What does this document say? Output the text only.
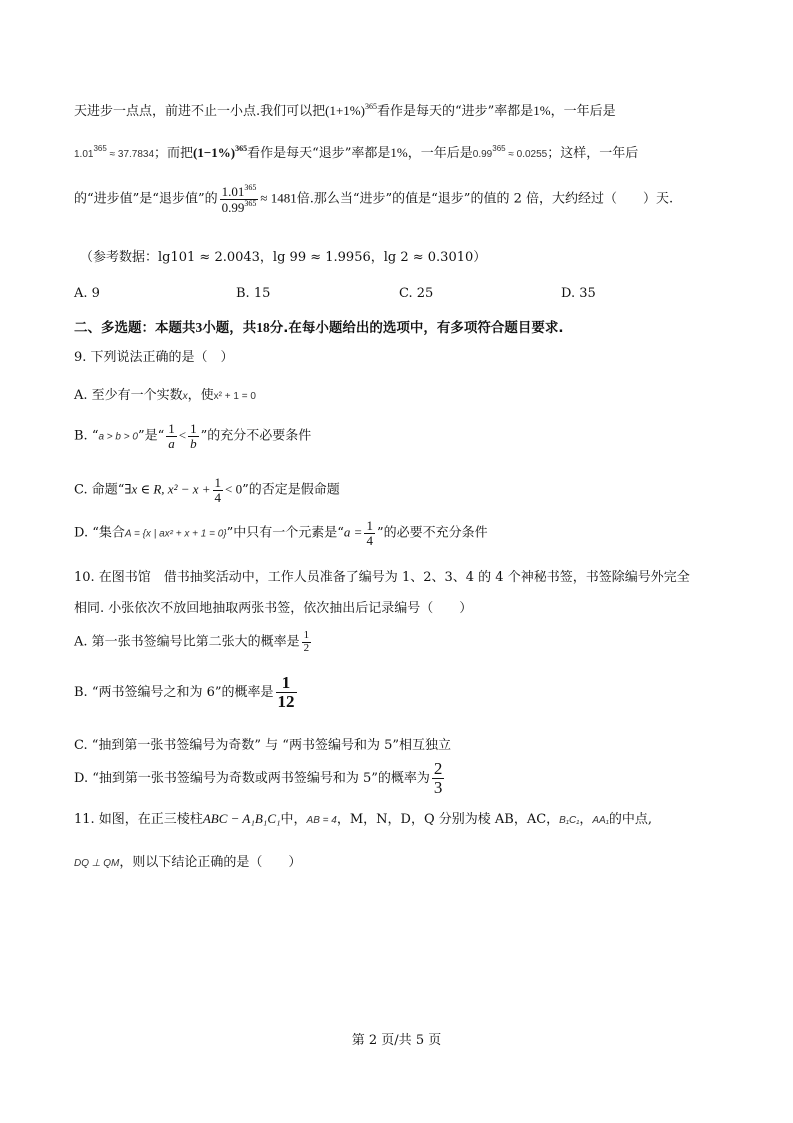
天进步一点点，前进不止一小点.我们可以把$(1+1\%)^{365}$看作是每天的“进步”率都是1%，一年后是
$1.01^{365} \approx 37.7834$；而把$(1-1\%)^{365}$看作是每天“退步”率都是1%，一年后是$0.99^{365} \approx 0.0255$；这样，一年后
的“进步值”是“退步值”的 $\frac{1.01^{365}}{0.99^{365}} \approx 1481$倍.那么当“进步”的值是“退步”的值的 2 倍，大约经过（　　）天.
（参考数据：lg101 ≈ 2.0043，lg 99 ≈ 1.9956，lg 2 ≈ 0.3010）
A. 9	B. 15	C. 25	D. 35
二、多选题：本题共3小题，共18分.在每小题给出的选项中，有多项符合题目要求.
9. 下列说法正确的是（　）
A. 至少有一个实数x，使x² + 1 = 0
B. “a > b > 0”是“ $\frac{1}{a} < \frac{1}{b}$ ”的充分不必要条件
C. 命题“∃x ∈ R, $x^2 - x + \frac{1}{4} < 0$”的否定是假命题
D. “集合A = {x | ax² + x + 1 = 0}”中只有一个元素是“$a = \frac{1}{4}$ ”的必要不充分条件
10. 在图书馆　借书抽奖活动中，工作人员准备了编号为 1、2、3、4 的 4 个神秘书签，书签除编号外完全
相同. 小张依次不放回地抽取两张书签，依次抽出后记录编号（　　）
A. 第一张书签编号比第二张大的概率是 $\frac{1}{2}$
B. “两书签编号之和为 6”的概率是 $\frac{1}{12}$
C. “抽到第一张书签编号为奇数” 与 “两书签编号和为 5”相互独立
D. “抽到第一张书签编号为奇数或两书签编号和为 5”的概率为 $\frac{2}{3}$
11. 如图，在正三棱柱ABC − A₁B₁C₁中，AB = 4，M，N，D，Q 分别为棱 AB，AC，B₁C₁，AA₁的中点,
DQ ⊥ QM，则以下结论正确的是（　　）
第 2 页/共 5 页
